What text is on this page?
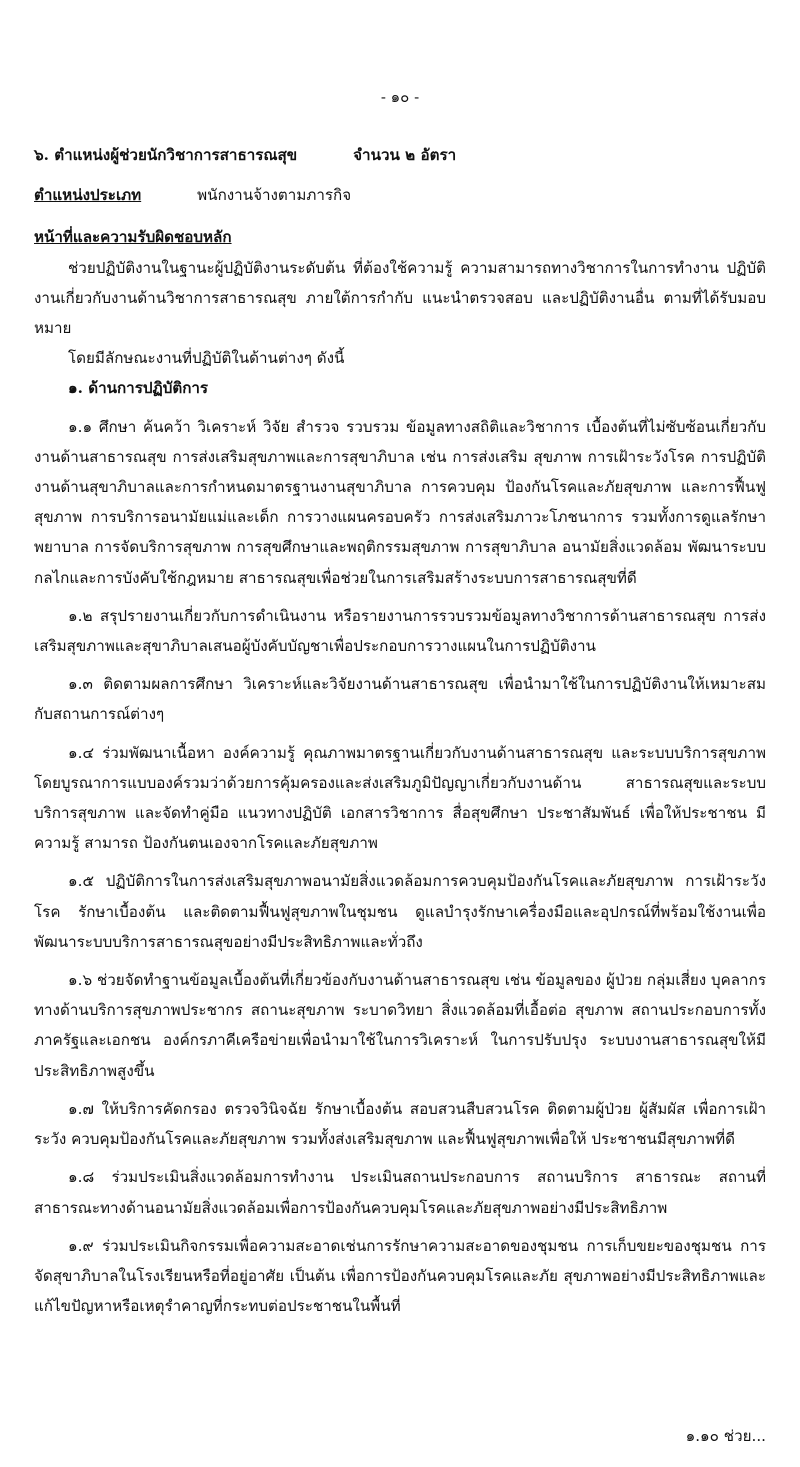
- ๑๐ -
๖. ตำแหน่งผู้ช่วยนักวิชาการสาธารณสุข	จำนวน ๒ อัตรา
ตำแหน่งประเภท	พนักงานจ้างตามภารกิจ
หน้าที่และความรับผิดชอบหลัก

ช่วยปฏิบัติงานในฐานะผู้ปฏิบัติงานระดับต้น ที่ต้องใช้ความรู้ ความสามารถทางวิชาการในการทำงาน ปฏิบัติงานเกี่ยวกับงานด้านวิชาการสาธารณสุข ภายใต้การกำกับ แนะนำตรวจสอบ และปฏิบัติงานอื่น ตามที่ได้รับมอบหมาย

โดยมีลักษณะงานที่ปฏิบัติในด้านต่างๆ ดังนี้

๑. ด้านการปฏิบัติการ

๑.๑ ศึกษา ค้นคว้า วิเคราะห์ วิจัย สำรวจ รวบรวม ข้อมูลทางสถิติและวิชาการ เบื้องต้นที่ไม่ซับซ้อนเกี่ยวกับงานด้านสาธารณสุข การส่งเสริมสุขภาพและการสุขาภิบาล เช่น การส่งเสริม สุขภาพ การเฝ้าระวังโรค การปฏิบัติงานด้านสุขาภิบาลและการกำหนดมาตรฐานงานสุขาภิบาล การควบคุม ป้องกันโรคและภัยสุขภาพ และการฟื้นฟูสุขภาพ การบริการอนามัยแม่และเด็ก การวางแผนครอบครัว การส่งเสริมภาวะโภชนาการ รวมทั้งการดูแลรักษาพยาบาล การจัดบริการสุขภาพ การสุขศึกษาและพฤติกรรมสุขภาพ การสุขาภิบาล อนามัยสิ่งแวดล้อม พัฒนาระบบกลไกและการบังคับใช้กฎหมาย สาธารณสุขเพื่อช่วยในการเสริมสร้างระบบการสาธารณสุขที่ดี

๑.๒ สรุปรายงานเกี่ยวกับการดำเนินงาน หรือรายงานการรวบรวมข้อมูลทางวิชาการด้านสาธารณสุข การส่งเสริมสุขภาพและสุขาภิบาลเสนอผู้บังคับบัญชาเพื่อประกอบการวางแผนในการปฏิบัติงาน

๑.๓ ติดตามผลการศึกษา วิเคราะห์และวิจัยงานด้านสาธารณสุข เพื่อนำมาใช้ในการปฏิบัติงานให้เหมาะสมกับสถานการณ์ต่างๆ

๑.๔ ร่วมพัฒนาเนื้อหา องค์ความรู้ คุณภาพมาตรฐานเกี่ยวกับงานด้านสาธารณสุข และระบบบริการสุขภาพโดยบูรณาการแบบองค์รวมว่าด้วยการคุ้มครองและส่งเสริมภูมิปัญญาเกี่ยวกับงานด้าน สาธารณสุขและระบบบริการสุขภาพ และจัดทำคู่มือ แนวทางปฏิบัติ เอกสารวิชาการ สื่อสุขศึกษา ประชาสัมพันธ์ เพื่อให้ประชาชน มีความรู้ สามารถ ป้องกันตนเองจากโรคและภัยสุขภาพ

๑.๕ ปฏิบัติการในการส่งเสริมสุขภาพอนามัยสิ่งแวดล้อมการควบคุมป้องกันโรคและภัยสุขภาพ การเฝ้าระวังโรค รักษาเบื้องต้น และติดตามฟื้นฟูสุขภาพในชุมชน ดูแลบำรุงรักษาเครื่องมือและอุปกรณ์ที่พร้อมใช้งานเพื่อพัฒนาระบบบริการสาธารณสุขอย่างมีประสิทธิภาพและทั่วถึง

๑.๖ ช่วยจัดทำฐานข้อมูลเบื้องต้นที่เกี่ยวข้องกับงานด้านสาธารณสุข เช่น ข้อมูลของ ผู้ป่วย กลุ่มเสี่ยง บุคลากรทางด้านบริการสุขภาพประชากร สถานะสุขภาพ ระบาดวิทยา สิ่งแวดล้อมที่เอื้อต่อ สุขภาพ สถานประกอบการทั้งภาครัฐและเอกชน องค์กรภาคีเครือข่ายเพื่อนำมาใช้ในการวิเคราะห์ ในการปรับปรุง ระบบงานสาธารณสุขให้มีประสิทธิภาพสูงขึ้น

๑.๗ ให้บริการคัดกรอง ตรวจวินิจฉัย รักษาเบื้องต้น สอบสวนสืบสวนโรค ติดตามผู้ป่วย ผู้สัมผัส เพื่อการเฝ้าระวัง ควบคุมป้องกันโรคและภัยสุขภาพ รวมทั้งส่งเสริมสุขภาพ และฟื้นฟูสุขภาพเพื่อให้ ประชาชนมีสุขภาพที่ดี

๑.๘ ร่วมประเมินสิ่งแวดล้อมการทำงาน ประเมินสถานประกอบการ สถานบริการ สาธารณะ สถานที่สาธารณะทางด้านอนามัยสิ่งแวดล้อมเพื่อการป้องกันควบคุมโรคและภัยสุขภาพอย่างมีประสิทธิภาพ

๑.๙ ร่วมประเมินกิจกรรมเพื่อความสะอาดเช่นการรักษาความสะอาดของชุมชน การเก็บขยะของชุมชน การจัดสุขาภิบาลในโรงเรียนหรือที่อยู่อาศัย เป็นต้น เพื่อการป้องกันควบคุมโรคและภัย สุขภาพอย่างมีประสิทธิภาพและแก้ไขปัญหาหรือเหตุรำคาญที่กระทบต่อประชาชนในพื้นที่

๑.๑๐ ช่วย...
